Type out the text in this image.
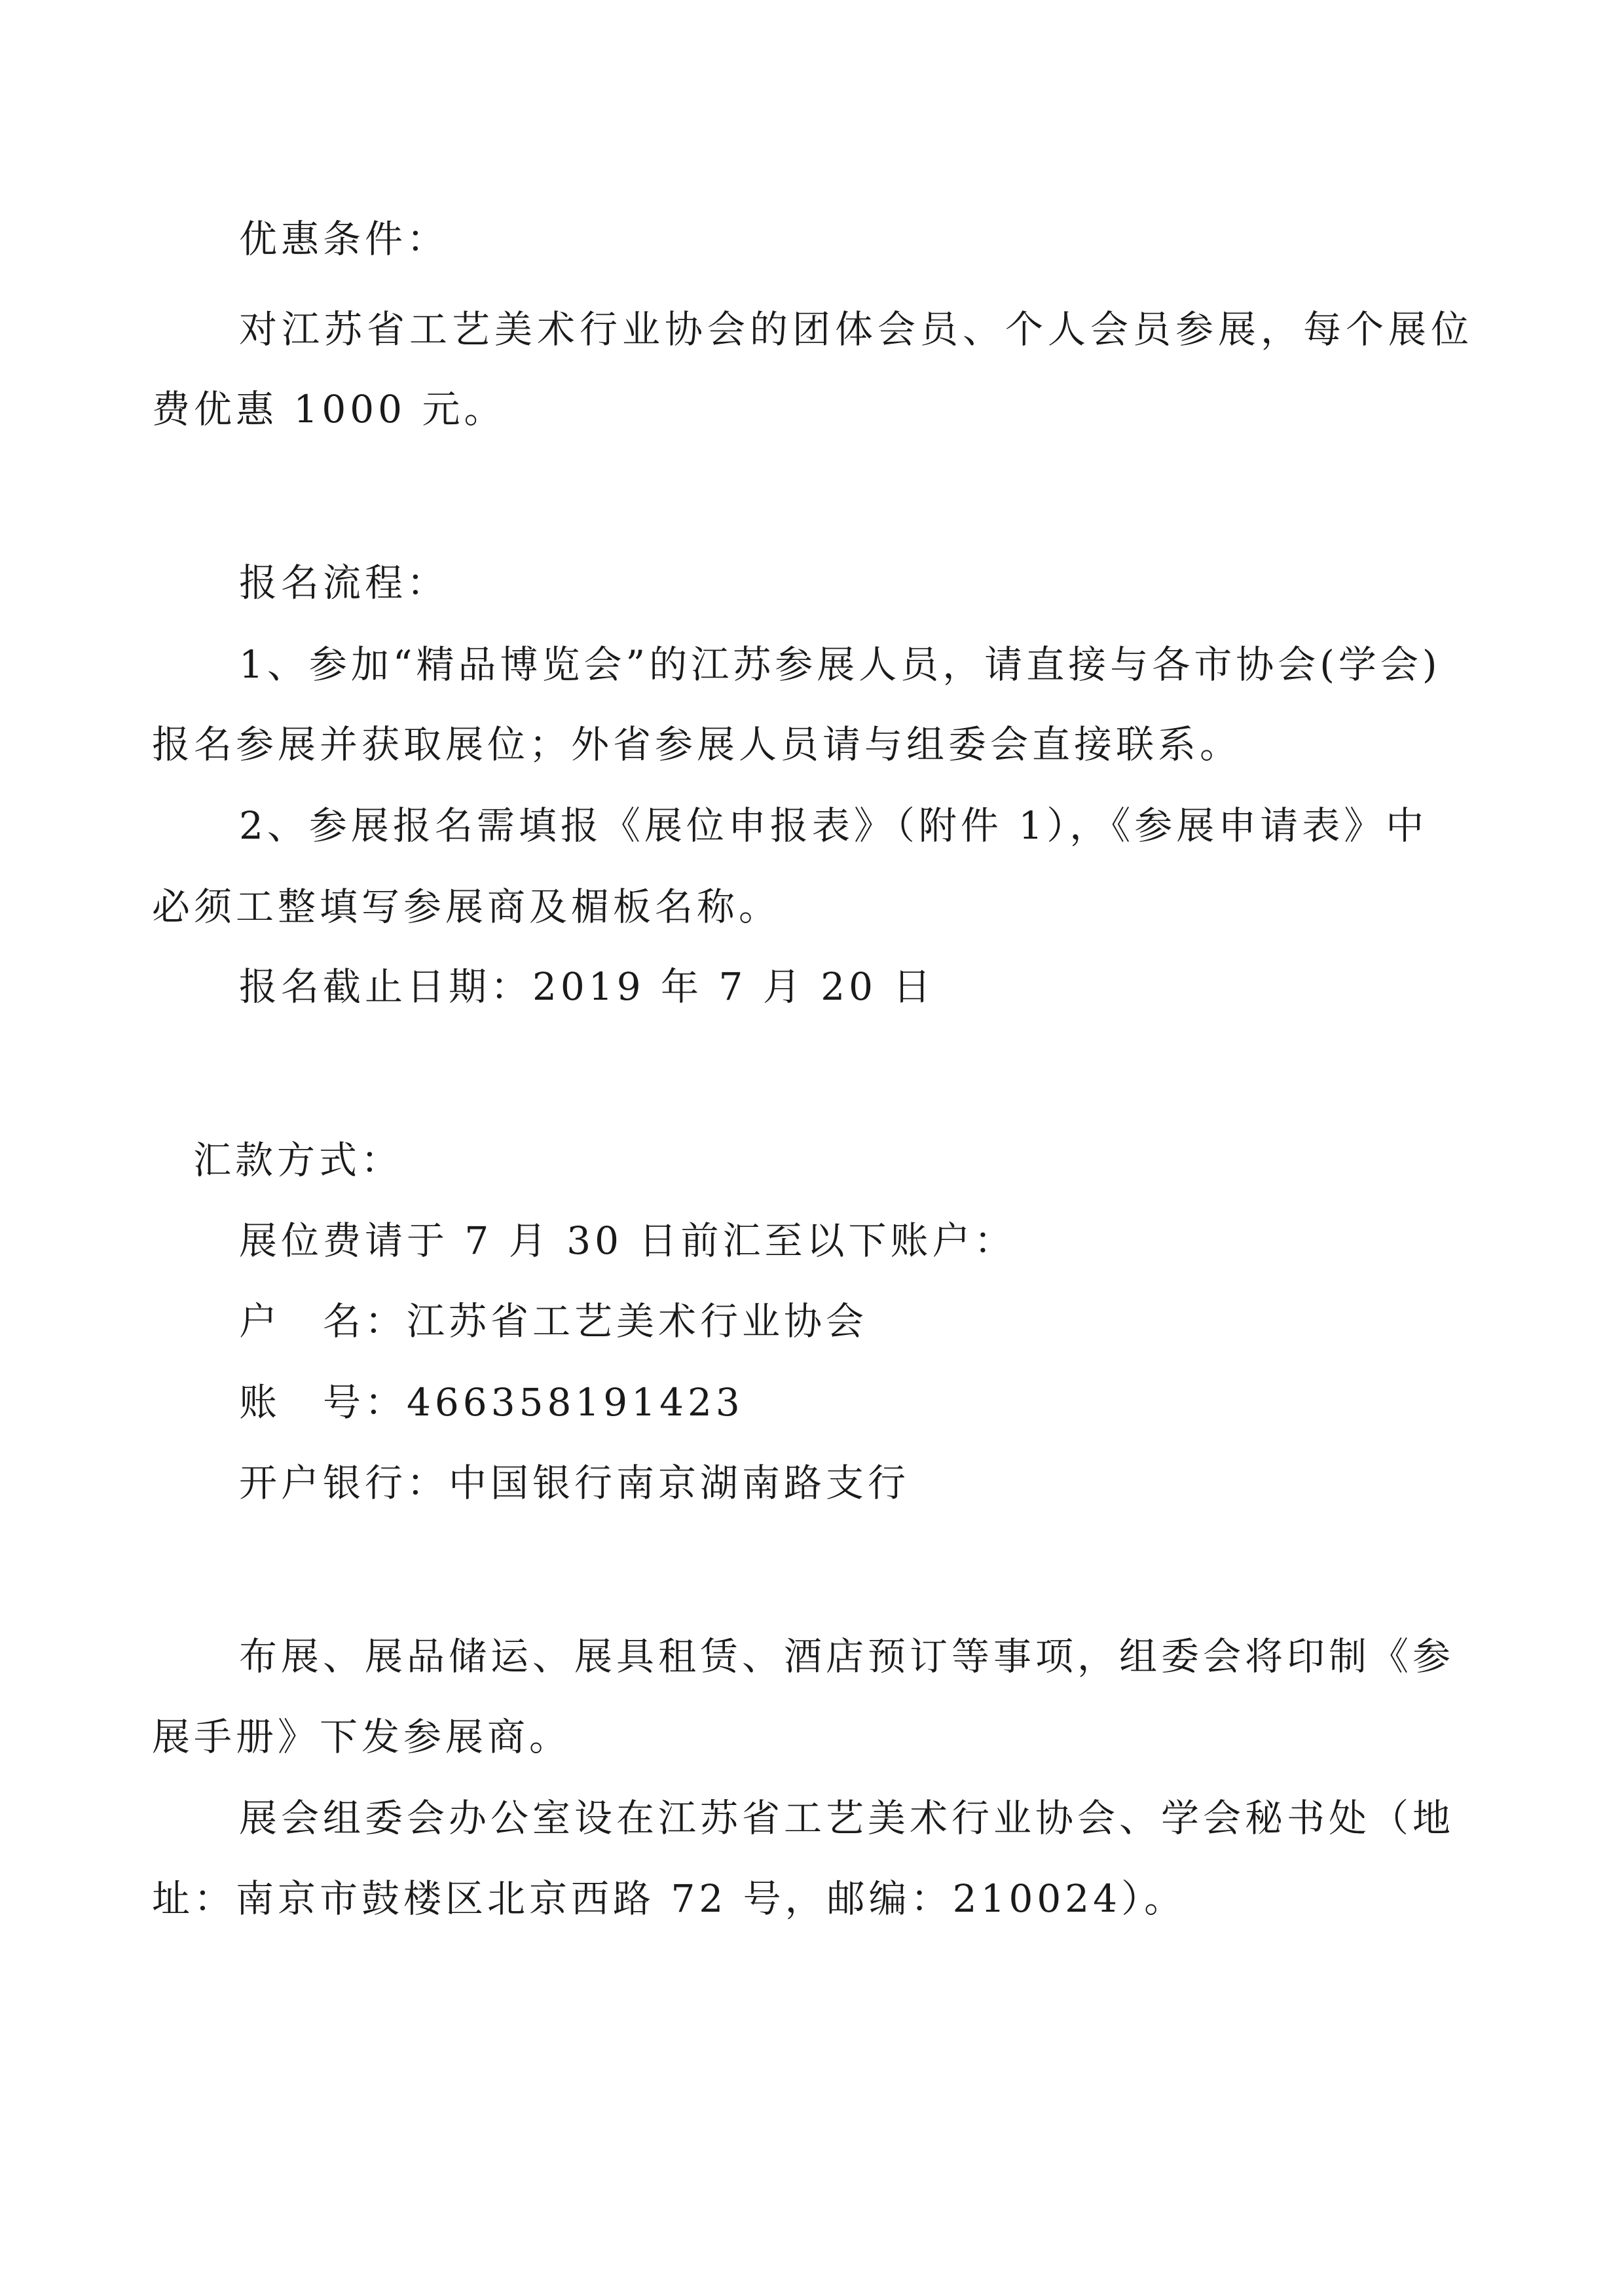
优惠条件：
对江苏省工艺美术行业协会的团体会员、个人会员参展，每个展位
费优惠 1000 元。
报名流程：
1、参加“精品博览会”的江苏参展人员，请直接与各市协会(学会)
报名参展并获取展位；外省参展人员请与组委会直接联系。
2、参展报名需填报《展位申报表》（附件 1），《参展申请表》中
必须工整填写参展商及楣板名称。
报名截止日期：2019 年 7 月 20 日
汇款方式：
展位费请于 7 月 30 日前汇至以下账户：
户　名：江苏省工艺美术行业协会
账　号：466358191423
开户银行：中国银行南京湖南路支行
布展、展品储运、展具租赁、酒店预订等事项，组委会将印制《参
展手册》下发参展商。
展会组委会办公室设在江苏省工艺美术行业协会、学会秘书处（地
址：南京市鼓楼区北京西路 72 号，邮编：210024）。
